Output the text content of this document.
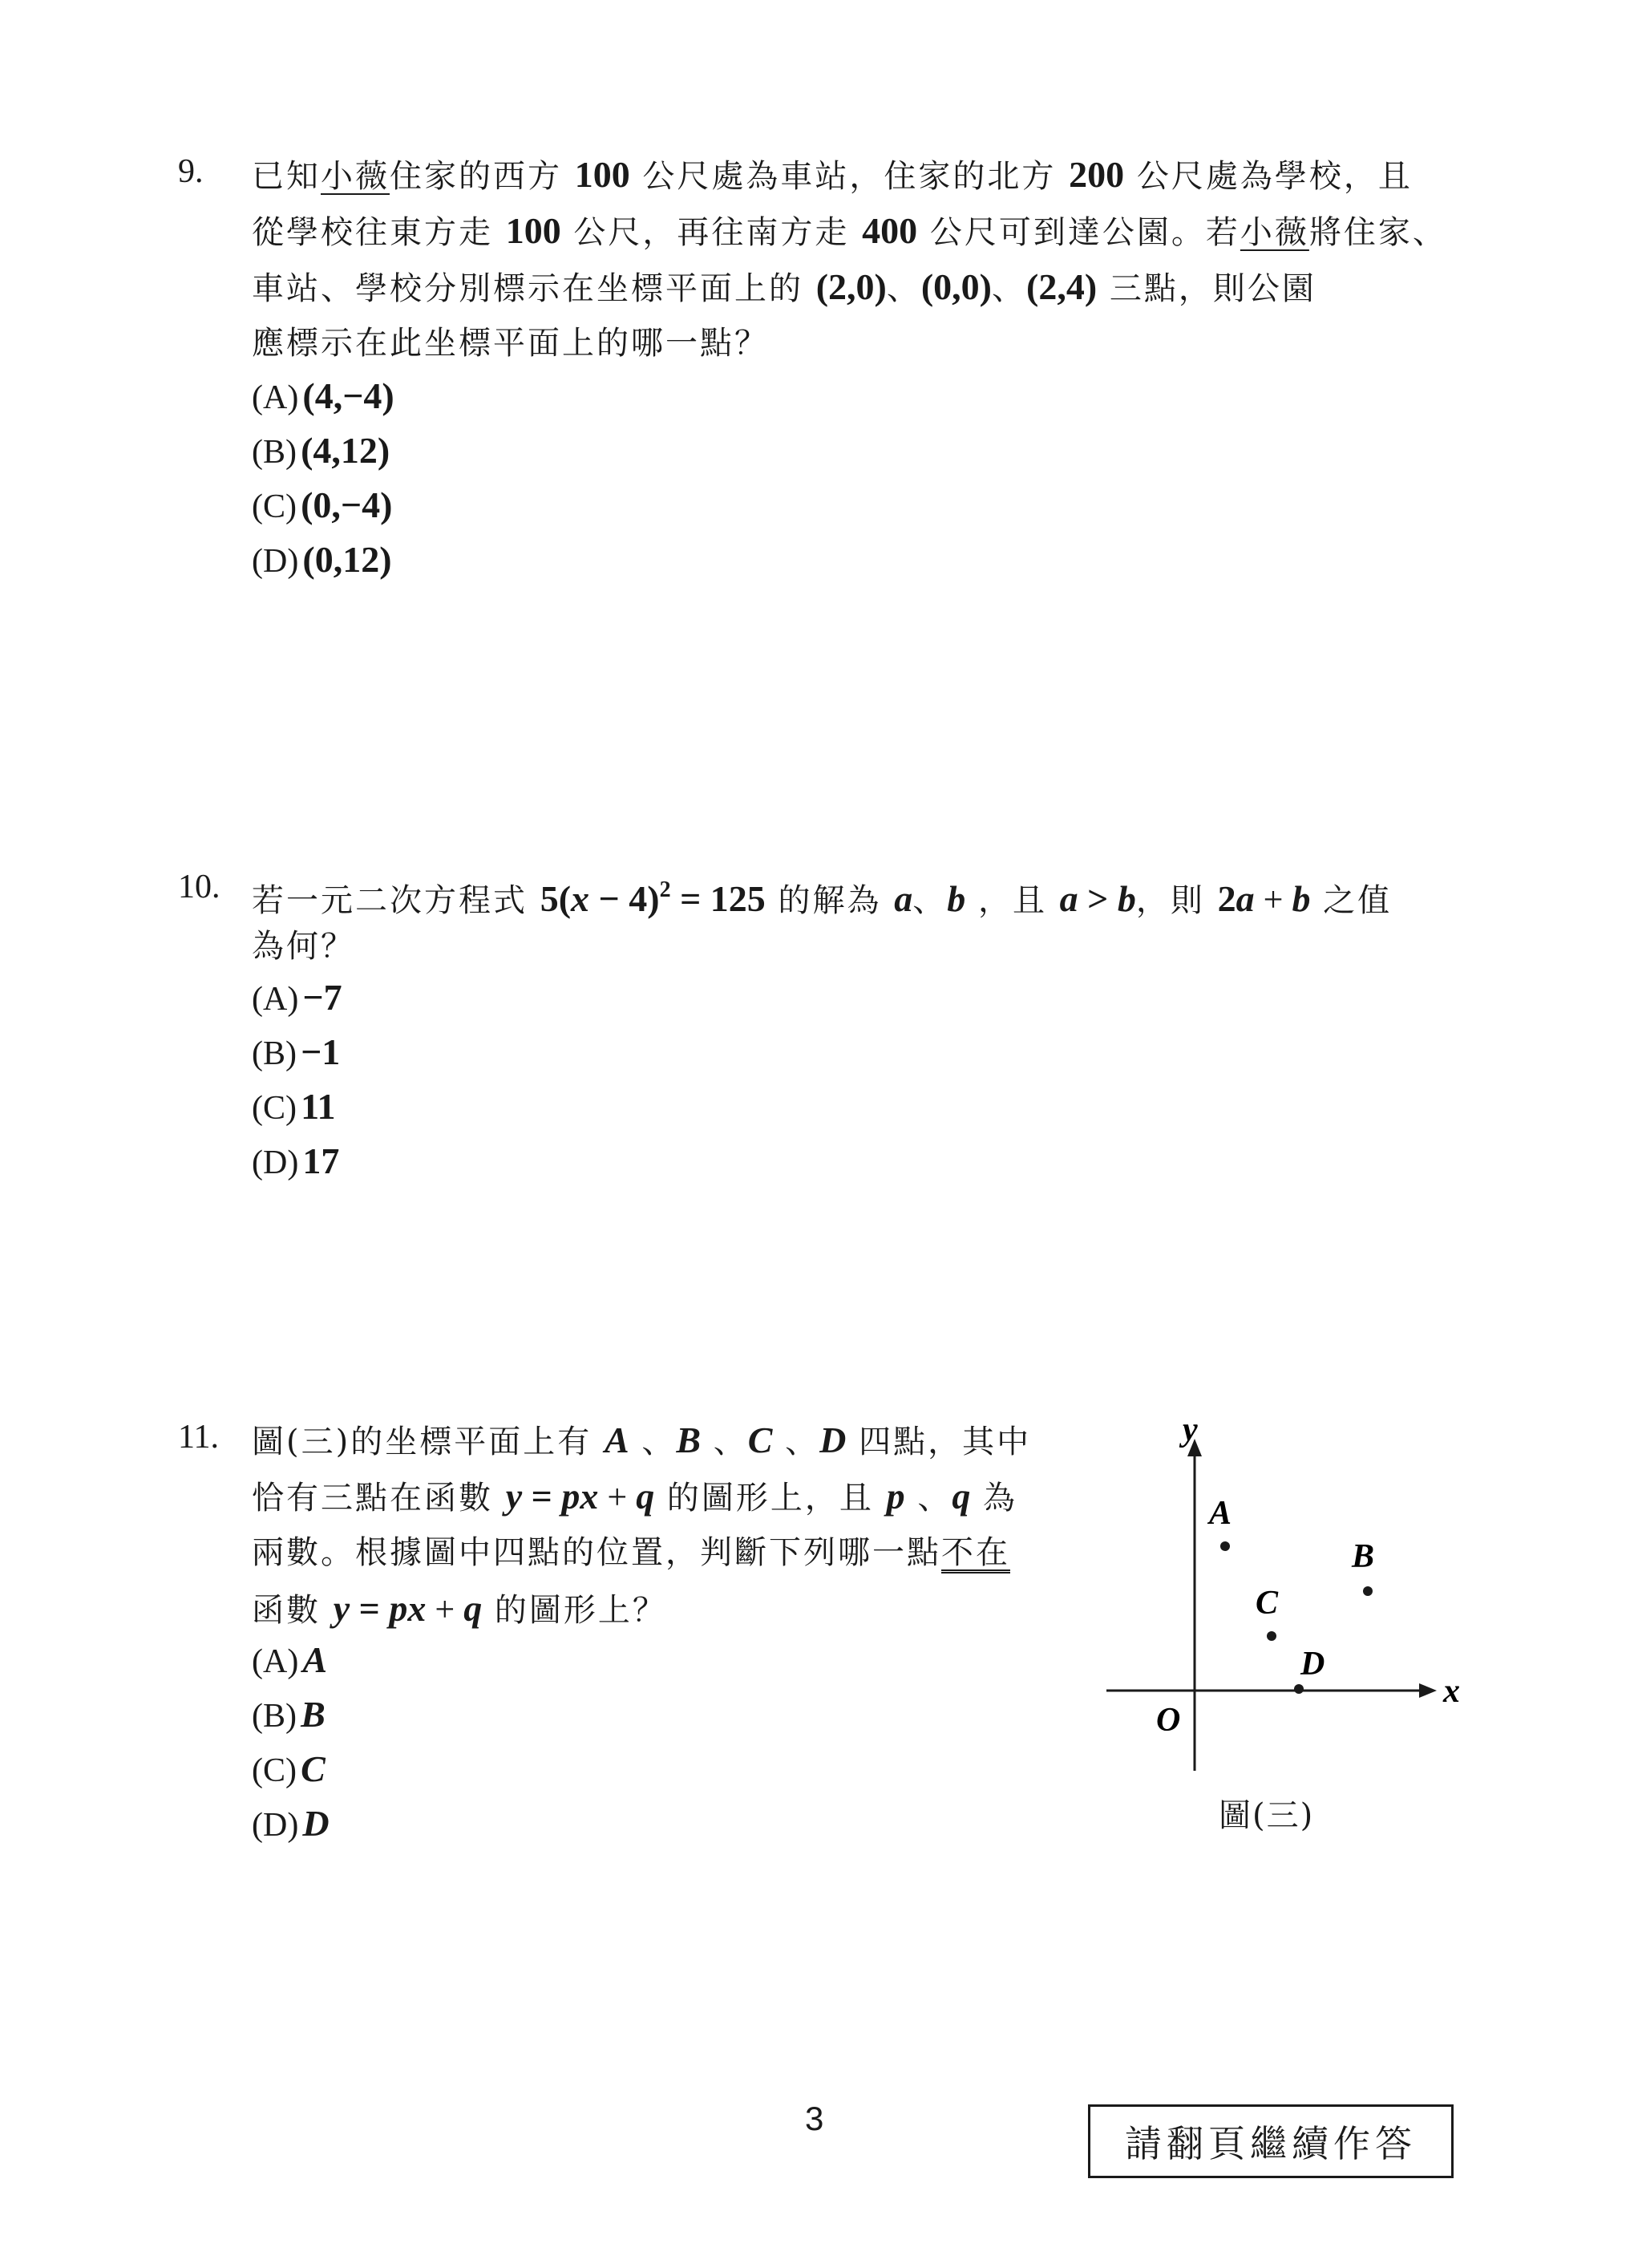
9. 已知小薇住家的西方 100 公尺處為車站，住家的北方 200 公尺處為學校，且
從學校往東方走 100 公尺，再往南方走 400 公尺可到達公園。若小薇將住家、
車站、學校分別標示在坐標平面上的 (2,0)、(0,0)、(2,4) 三點，則公園
應標示在此坐標平面上的哪一點？
(A) (4,−4)
(B) (4,12)
(C) (0,−4)
(D) (0,12)
10. 若一元二次方程式 $5(x - 4)^2 = 125$ 的解為 a、b ，且 a > b，則 2a + b 之值
為何？
(A) −7
(B) −1
(C) 11
(D) 17
11. 圖(三)的坐標平面上有 A 、B 、C 、D 四點，其中
恰有三點在函數 y = px + q 的圖形上，且 p 、q 為
兩數。根據圖中四點的位置，判斷下列哪一點不在
函數 y = px + q 的圖形上？
(A) A
(B) B
(C) C
(D) D
x
y
O
A
B
C
D
圖(三)
3
請翻頁繼續作答
